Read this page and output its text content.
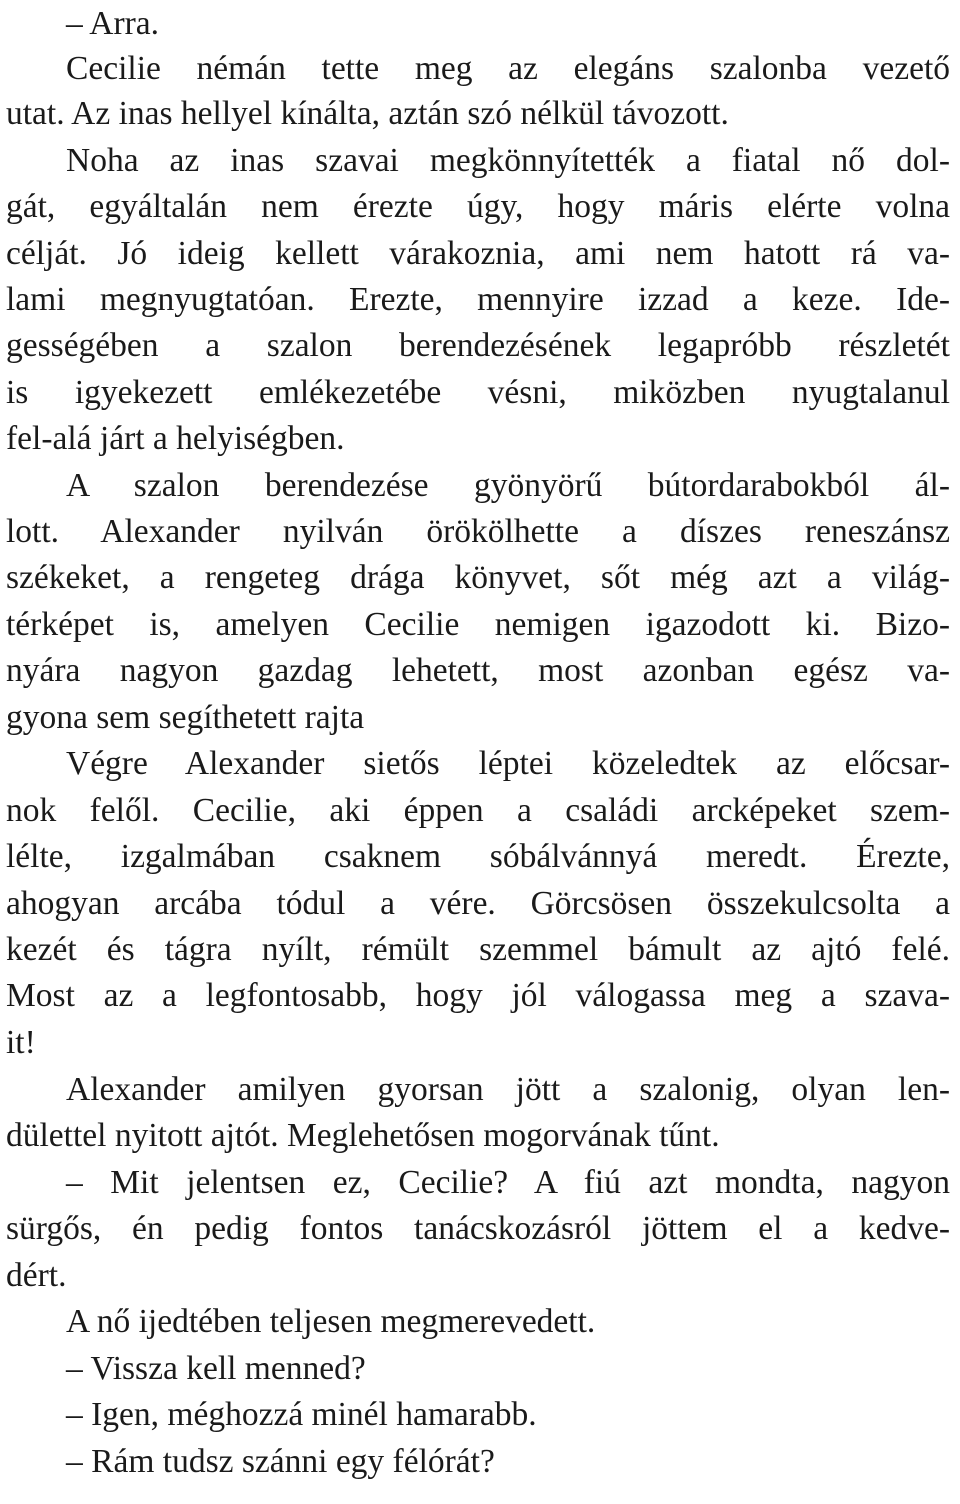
– Arra.
Cecilie némán tette meg az elegáns szalonba vezető
utat. Az inas hellyel kínálta, aztán szó nélkül távozott.
Noha az inas szavai megkönnyítették a fiatal nő dol-
gát, egyáltalán nem érezte úgy, hogy máris elérte volna
célját. Jó ideig kellett várakoznia, ami nem hatott rá va-
lami megnyugtatóan. Erezte, mennyire izzad a keze. Ide-
gességében a szalon berendezésének legapróbb részletét
is igyekezett emlékezetébe vésni, miközben nyugtalanul
fel-alá járt a helyiségben.
A szalon berendezése gyönyörű bútordarabokból ál-
lott. Alexander nyilván örökölhette a díszes reneszánsz
székeket, a rengeteg drága könyvet, sőt még azt a világ-
térképet is, amelyen Cecilie nemigen igazodott ki. Bizo-
nyára nagyon gazdag lehetett, most azonban egész va-
gyona sem segíthetett rajta
Végre Alexander sietős léptei közeledtek az előcsar-
nok felől. Cecilie, aki éppen a családi arcképeket szem-
lélte, izgalmában csaknem sóbálvánnyá meredt. Érezte,
ahogyan arcába tódul a vére. Görcsösen összekulcsolta a
kezét és tágra nyílt, rémült szemmel bámult az ajtó felé.
Most az a legfontosabb, hogy jól válogassa meg a szava-
it!
Alexander amilyen gyorsan jött a szalonig, olyan len-
dülettel nyitott ajtót. Meglehetősen mogorvának tűnt.
– Mit jelentsen ez, Cecilie? A fiú azt mondta, nagyon
sürgős, én pedig fontos tanácskozásról jöttem el a kedve-
dért.
A nő ijedtében teljesen megmerevedett.
– Vissza kell menned?
– Igen, méghozzá minél hamarabb.
– Rám tudsz szánni egy félórát?
